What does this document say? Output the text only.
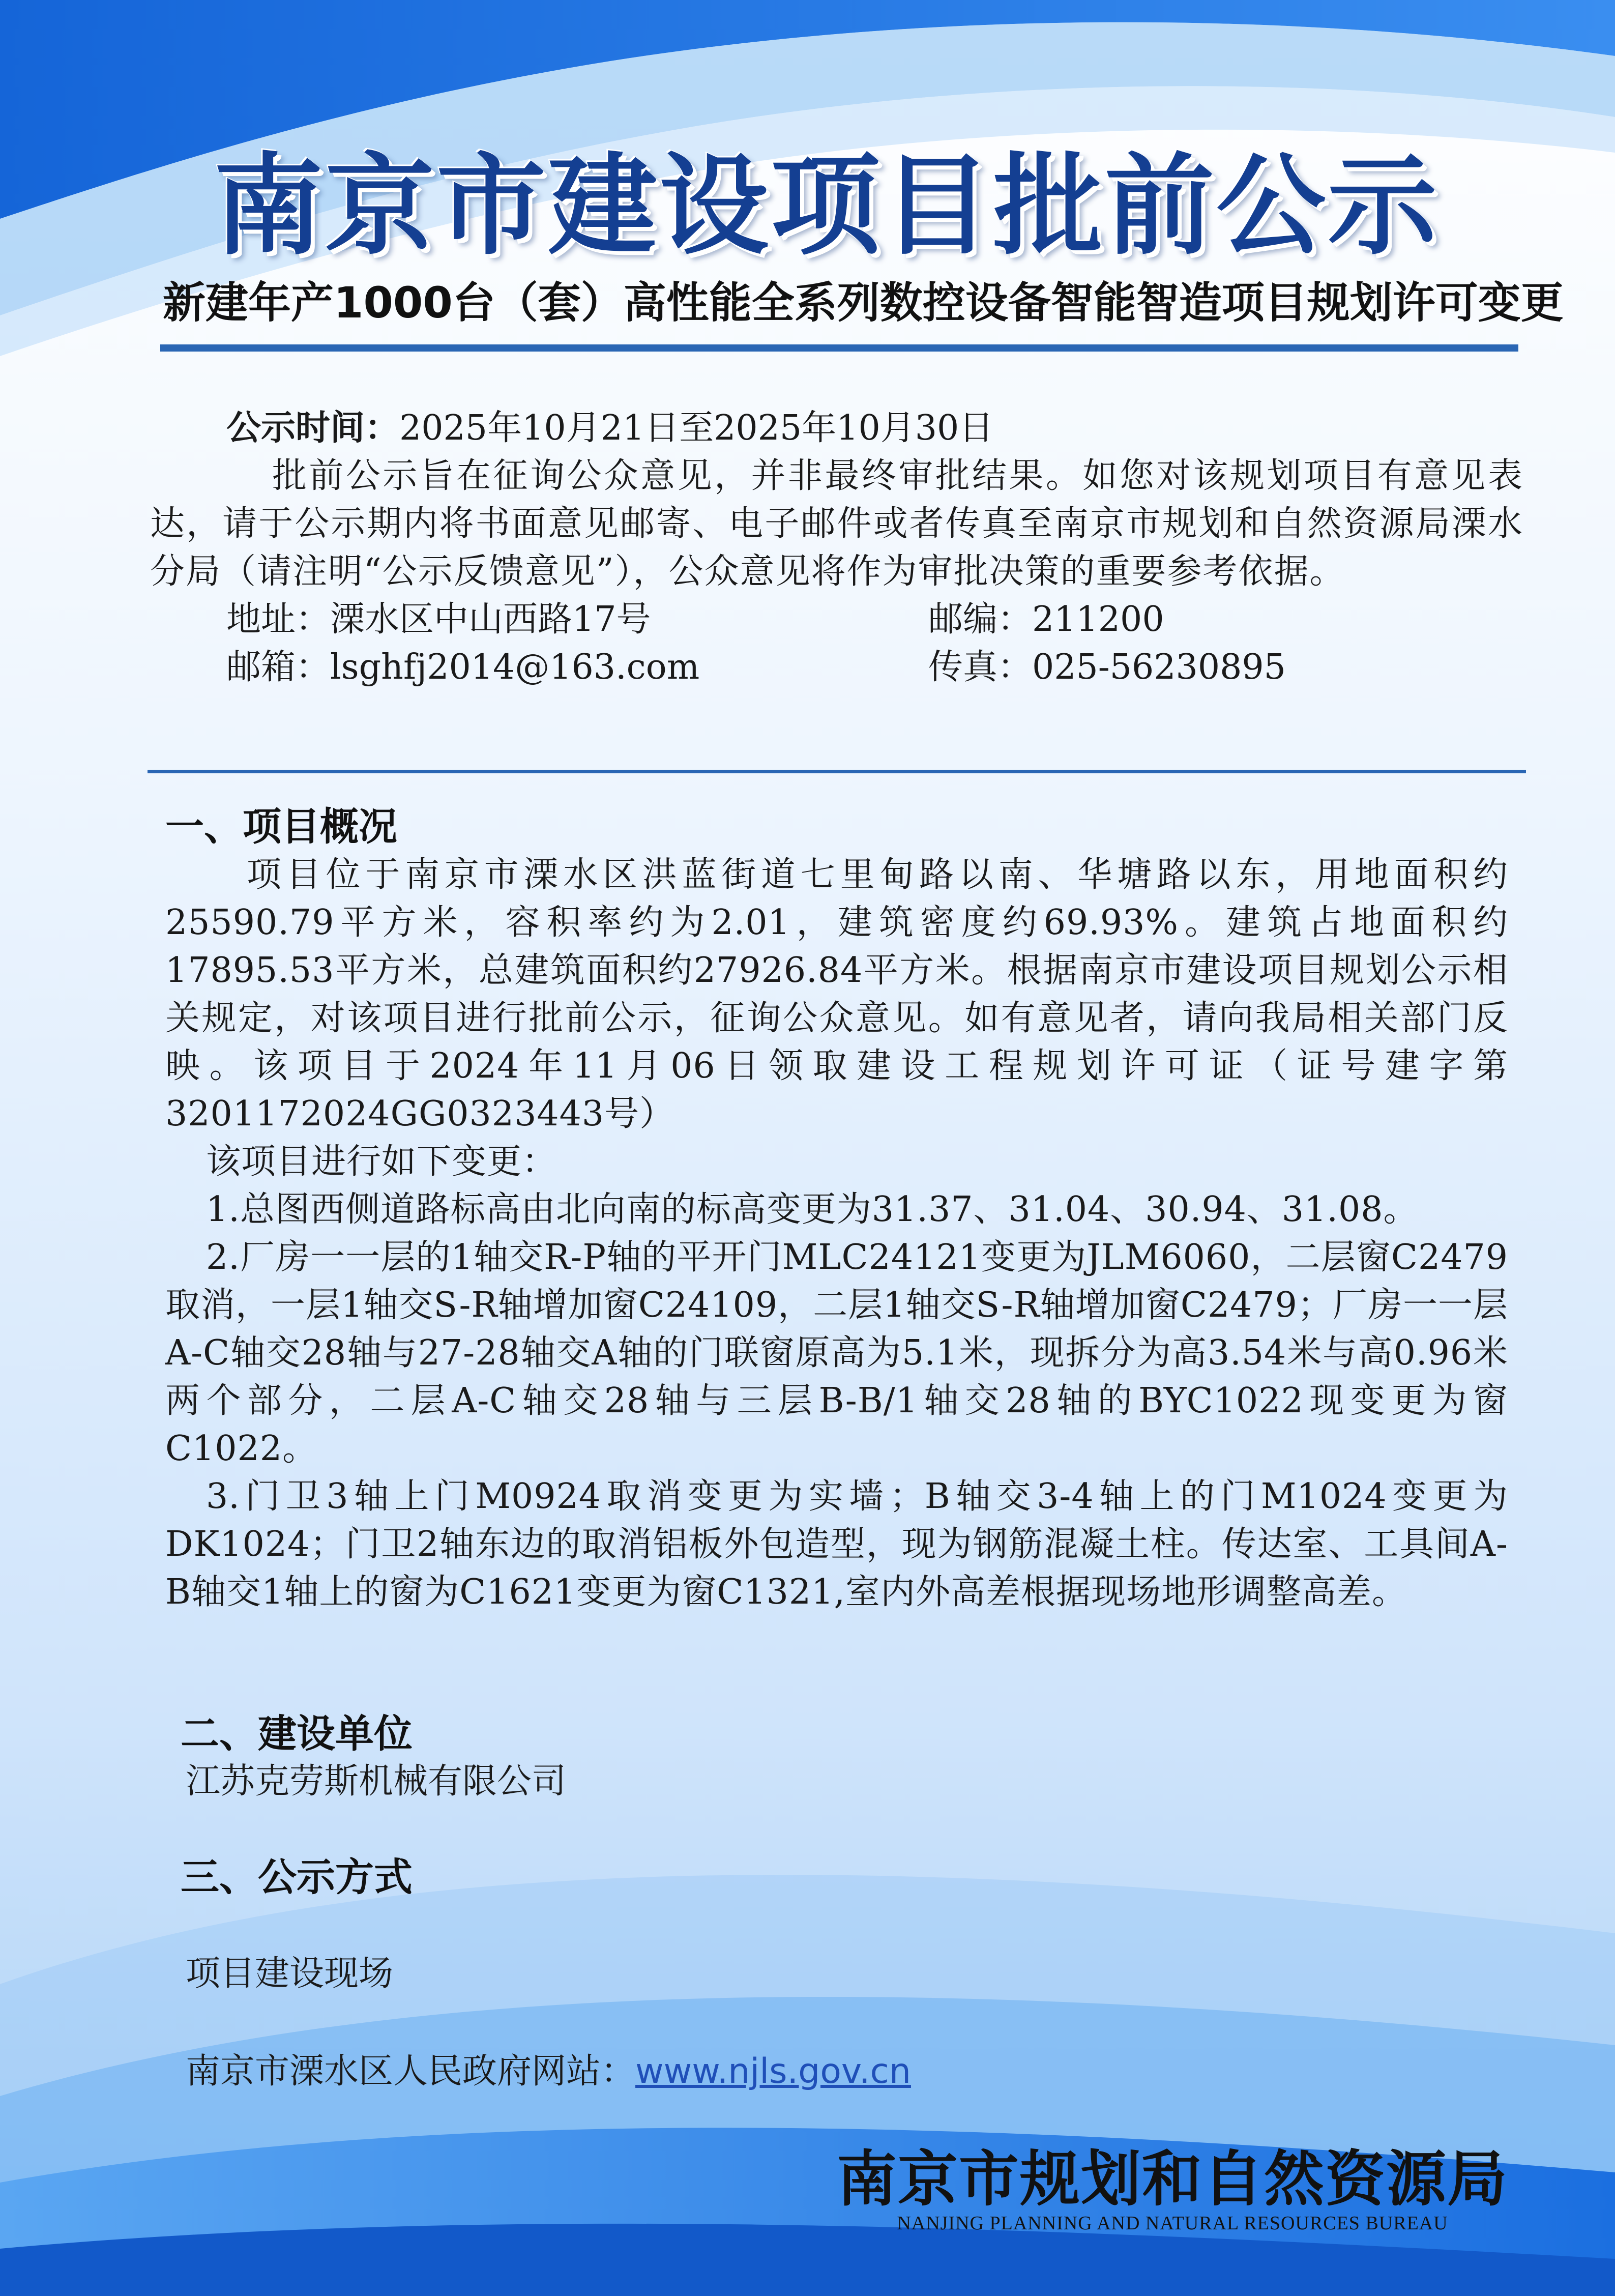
南京市建设项目批前公示
新建年产1000台（套）高性能全系列数控设备智能智造项目规划许可变更
公示时间：2025年10月21日至2025年10月30日
批前公示旨在征询公众意见，并非最终审批结果。如您对该规划项目有意见表达，请于公示期内将书面意见邮寄、电子邮件或者传真至南京市规划和自然资源局溧水分局（请注明“公示反馈意见”），公众意见将作为审批决策的重要参考依据。
地址：溧水区中山西路17号	邮编：211200
邮箱：lsghfj2014@163.com	传真：025-56230895
一、项目概况
项目位于南京市溧水区洪蓝街道七里甸路以南、华塘路以东，用地面积约25590.79平方米，容积率约为2.01，建筑密度约69.93%。建筑占地面积约17895.53平方米，总建筑面积约27926.84平方米。根据南京市建设项目规划公示相关规定，对该项目进行批前公示，征询公众意见。如有意见者，请向我局相关部门反映。该项目于2024年11月06日领取建设工程规划许可证（证号建字第3201172024GG0323443号）
该项目进行如下变更：
1.总图西侧道路标高由北向南的标高变更为31.37、31.04、30.94、31.08。
2.厂房一一层的1轴交R-P轴的平开门MLC24121变更为JLM6060，二层窗C2479取消，一层1轴交S-R轴增加窗C24109，二层1轴交S-R轴增加窗C2479；厂房一一层A-C轴交28轴与27-28轴交A轴的门联窗原高为5.1米，现拆分为高3.54米与高0.96米两个部分，二层A-C轴交28轴与三层B-B/1轴交28轴的BYC1022现变更为窗C1022。
3.门卫3轴上门M0924取消变更为实墙；B轴交3-4轴上的门M1024变更为DK1024；门卫2轴东边的取消铝板外包造型，现为钢筋混凝土柱。传达室、工具间A-B轴交1轴上的窗为C1621变更为窗C1321,室内外高差根据现场地形调整高差。
二、建设单位
江苏克劳斯机械有限公司
三、公示方式
项目建设现场
南京市溧水区人民政府网站：www.njls.gov.cn
南京市规划和自然资源局
NANJING PLANNING AND NATURAL RESOURCES BUREAU
